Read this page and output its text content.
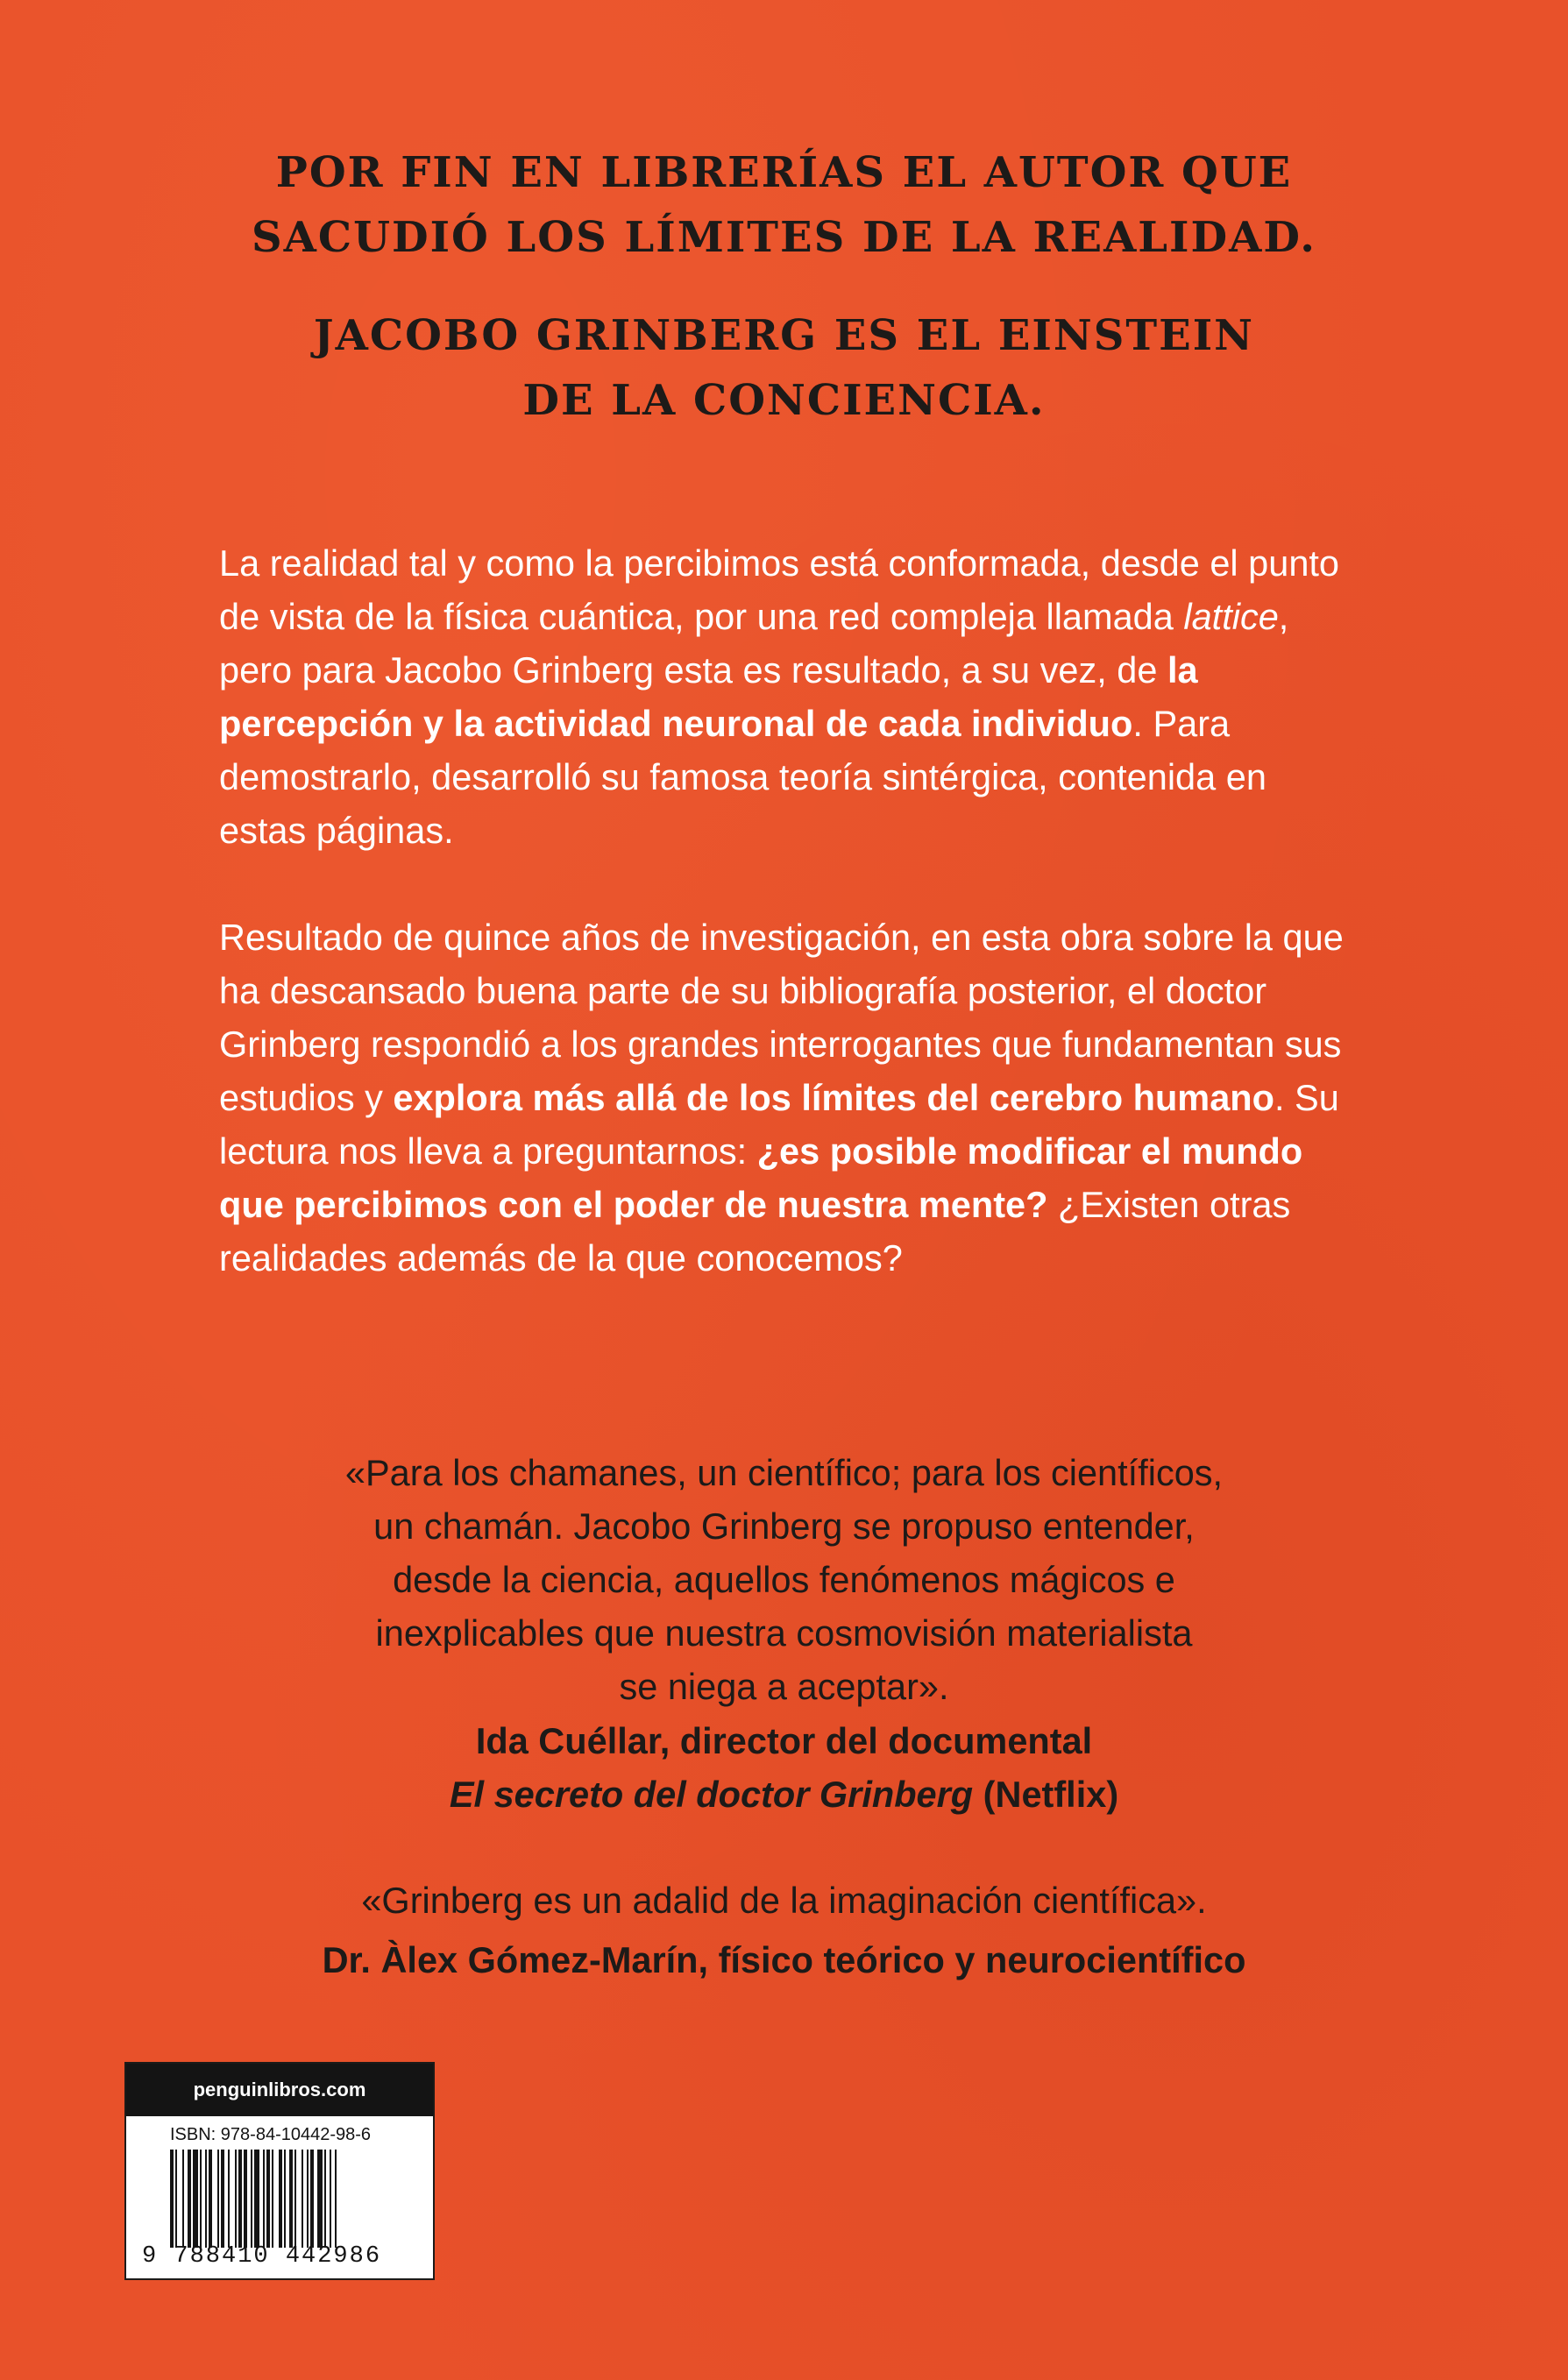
POR FIN EN LIBRERÍAS EL AUTOR QUE
SACUDIÓ LOS LÍMITES DE LA REALIDAD.

JACOBO GRINBERG ES EL EINSTEIN
DE LA CONCIENCIA.

La realidad tal y como la percibimos está conformada, desde el punto de vista de la física cuántica, por una red compleja llamada lattice, pero para Jacobo Grinberg esta es resultado, a su vez, de la percepción y la actividad neuronal de cada individuo. Para demostrarlo, desarrolló su famosa teoría sintérgica, contenida en estas páginas.

Resultado de quince años de investigación, en esta obra sobre la que ha descansado buena parte de su bibliografía posterior, el doctor Grinberg respondió a los grandes interrogantes que fundamentan sus estudios y explora más allá de los límites del cerebro humano. Su lectura nos lleva a preguntarnos: ¿es posible modificar el mundo que percibimos con el poder de nuestra mente? ¿Existen otras realidades además de la que conocemos?

«Para los chamanes, un científico; para los científicos,
un chamán. Jacobo Grinberg se propuso entender,
desde la ciencia, aquellos fenómenos mágicos e
inexplicables que nuestra cosmovisión materialista
se niega a aceptar».

Ida Cuéllar, director del documental
El secreto del doctor Grinberg (Netflix)

«Grinberg es un adalid de la imaginación científica».

Dr. Àlex Gómez-Marín, físico teórico y neurocientífico

penguinlibros.com
ISBN: 978-84-10442-98-6
9 788410 442986
